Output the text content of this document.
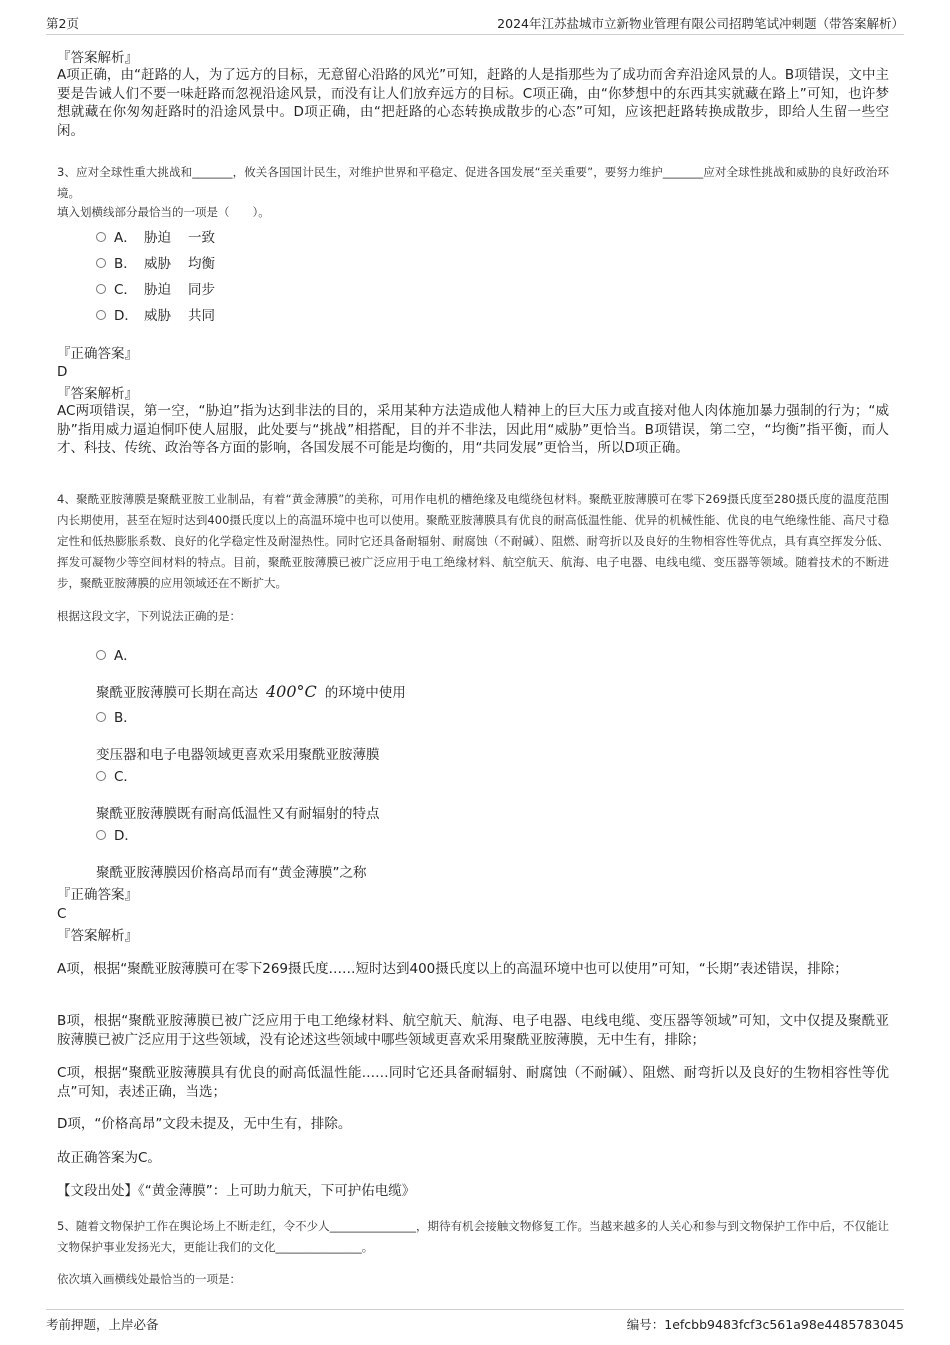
第2页	2024年江苏盐城市立新物业管理有限公司招聘笔试冲刺题（带答案解析）
『答案解析』
A项正确，由“赶路的人，为了远方的目标，无意留心沿路的风光”可知，赶路的人是指那些为了成功而舍弃沿途风景的人。B项错误，文中主要是告诫人们不要一味赶路而忽视沿途风景，而没有让人们放弃远方的目标。C项正确，由“你梦想中的东西其实就藏在路上”可知，也许梦想就藏在你匆匆赶路时的沿途风景中。D项正确，由“把赶路的心态转换成散步的心态”可知，应该把赶路转换成散步，即给人生留一些空闲。
3、应对全球性重大挑战和_______，攸关各国国计民生，对维护世界和平稳定、促进各国发展“至关重要”，要努力维护_______应对全球性挑战和威胁的良好政治环境。
填入划横线部分最恰当的一项是（　　）。
A． 胁迫 一致
B． 威胁 均衡
C． 胁迫 同步
D． 威胁 共同
『正确答案』
D
『答案解析』
AC两项错误，第一空，“胁迫”指为达到非法的目的，采用某种方法造成他人精神上的巨大压力或直接对他人肉体施加暴力强制的行为；“威胁”指用威力逼迫恫吓使人屈服，此处要与“挑战”相搭配，目的并不非法，因此用“威胁”更恰当。B项错误，第二空，“均衡”指平衡，而人才、科技、传统、政治等各方面的影响，各国发展不可能是均衡的，用“共同发展”更恰当，所以D项正确。
4、聚酰亚胺薄膜是聚酰亚胺工业制品，有着“黄金薄膜”的美称，可用作电机的槽绝缘及电缆绕包材料。聚酰亚胺薄膜可在零下269摄氏度至280摄氏度的温度范围内长期使用，甚至在短时达到400摄氏度以上的高温环境中也可以使用。聚酰亚胺薄膜具有优良的耐高低温性能、优异的机械性能、优良的电气绝缘性能、高尺寸稳定性和低热膨胀系数、良好的化学稳定性及耐湿热性。同时它还具备耐辐射、耐腐蚀（不耐碱）、阻燃、耐弯折以及良好的生物相容性等优点，具有真空挥发分低、挥发可凝物少等空间材料的特点。目前，聚酰亚胺薄膜已被广泛应用于电工绝缘材料、航空航天、航海、电子电器、电线电缆、变压器等领域。随着技术的不断进步，聚酰亚胺薄膜的应用领域还在不断扩大。
根据这段文字，下列说法正确的是：
A．
聚酰亚胺薄膜可长期在高达 400°C 的环境中使用
B．
变压器和电子电器领域更喜欢采用聚酰亚胺薄膜
C．
聚酰亚胺薄膜既有耐高低温性又有耐辐射的特点
D．
聚酰亚胺薄膜因价格高昂而有“黄金薄膜”之称
『正确答案』
C
『答案解析』
A项，根据“聚酰亚胺薄膜可在零下269摄氏度……短时达到400摄氏度以上的高温环境中也可以使用”可知，“长期”表述错误，排除；
B项，根据“聚酰亚胺薄膜已被广泛应用于电工绝缘材料、航空航天、航海、电子电器、电线电缆、变压器等领域”可知，文中仅提及聚酰亚胺薄膜已被广泛应用于这些领域，没有论述这些领域中哪些领域更喜欢采用聚酰亚胺薄膜，无中生有，排除；
C项，根据“聚酰亚胺薄膜具有优良的耐高低温性能……同时它还具备耐辐射、耐腐蚀（不耐碱）、阻燃、耐弯折以及良好的生物相容性等优点”可知，表述正确，当选；
D项，“价格高昂”文段未提及，无中生有，排除。
故正确答案为C。
【文段出处】《“黄金薄膜”：上可助力航天，下可护佑电缆》
5、随着文物保护工作在舆论场上不断走红，令不少人_______________，期待有机会接触文物修复工作。当越来越多的人关心和参与到文物保护工作中后，不仅能让文物保护事业发扬光大，更能让我们的文化_______________。
依次填入画横线处最恰当的一项是：
考前押题，上岸必备	编号：1efcbb9483fcf3c561a98e4485783045
